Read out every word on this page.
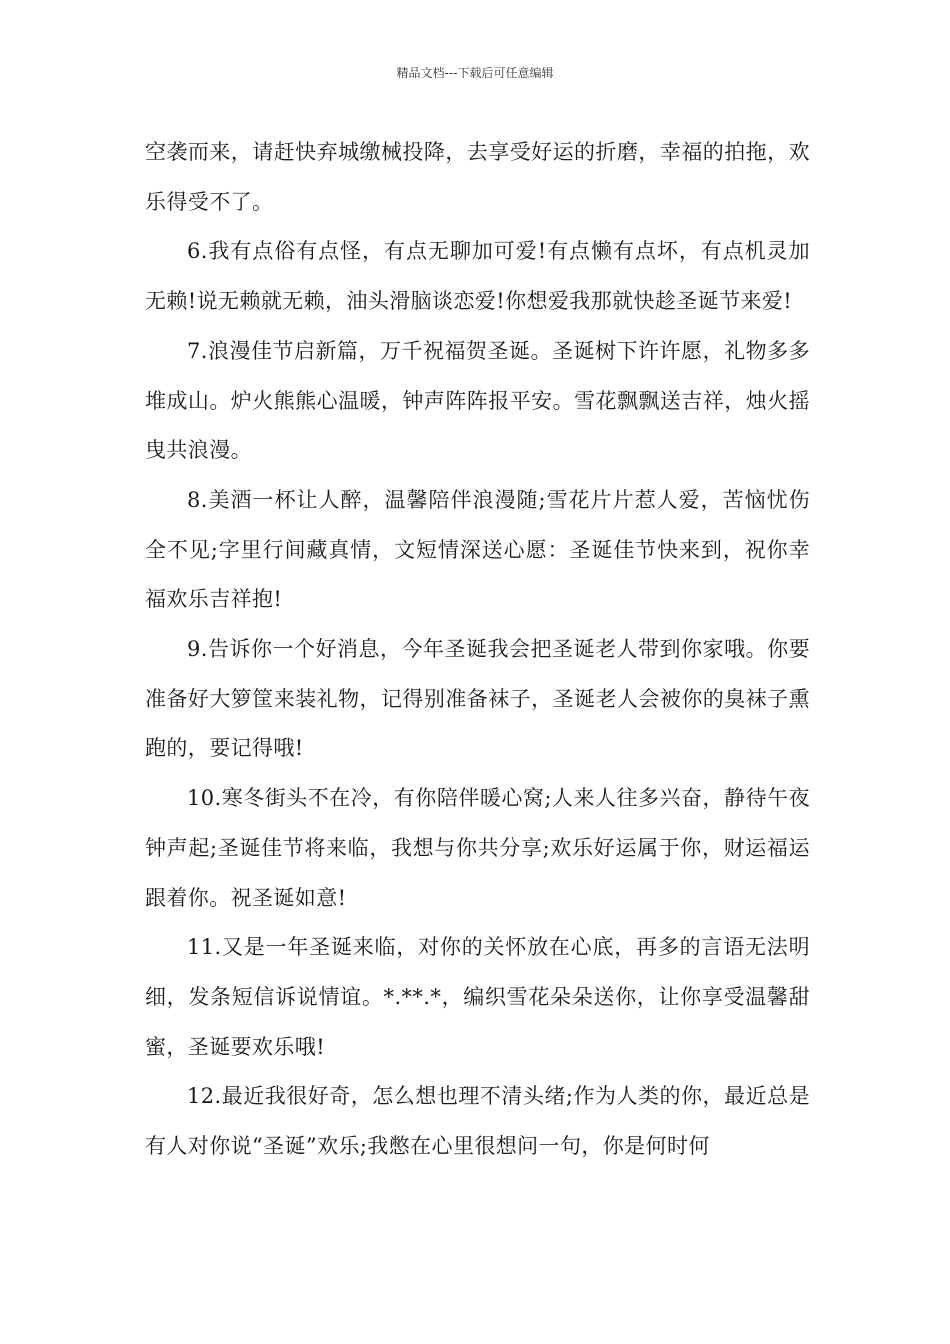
精品文档---下载后可任意编辑

空袭而来，请赶快弃城缴械投降，去享受好运的折磨，幸福的拍拖，欢乐得受不了。

6.我有点俗有点怪，有点无聊加可爱!有点懒有点坏，有点机灵加无赖!说无赖就无赖，油头滑脑谈恋爱!你想爱我那就快趁圣诞节来爱!

7.浪漫佳节启新篇，万千祝福贺圣诞。圣诞树下许许愿，礼物多多堆成山。炉火熊熊心温暖，钟声阵阵报平安。雪花飘飘送吉祥，烛火摇曳共浪漫。

8.美酒一杯让人醉，温馨陪伴浪漫随;雪花片片惹人爱，苦恼忧伤全不见;字里行间藏真情，文短情深送心愿：圣诞佳节快来到，祝你幸福欢乐吉祥抱!

9.告诉你一个好消息，今年圣诞我会把圣诞老人带到你家哦。你要准备好大箩筐来装礼物，记得别准备袜子，圣诞老人会被你的臭袜子熏跑的，要记得哦!

10.寒冬街头不在冷，有你陪伴暖心窝;人来人往多兴奋，静待午夜钟声起;圣诞佳节将来临，我想与你共分享;欢乐好运属于你，财运福运跟着你。祝圣诞如意!

11.又是一年圣诞来临，对你的关怀放在心底，再多的言语无法明细，发条短信诉说情谊。*.**.*，编织雪花朵朵送你，让你享受温馨甜蜜，圣诞要欢乐哦!

12.最近我很好奇，怎么想也理不清头绪;作为人类的你，最近总是有人对你说“圣诞”欢乐;我憋在心里很想问一句，你是何时何
